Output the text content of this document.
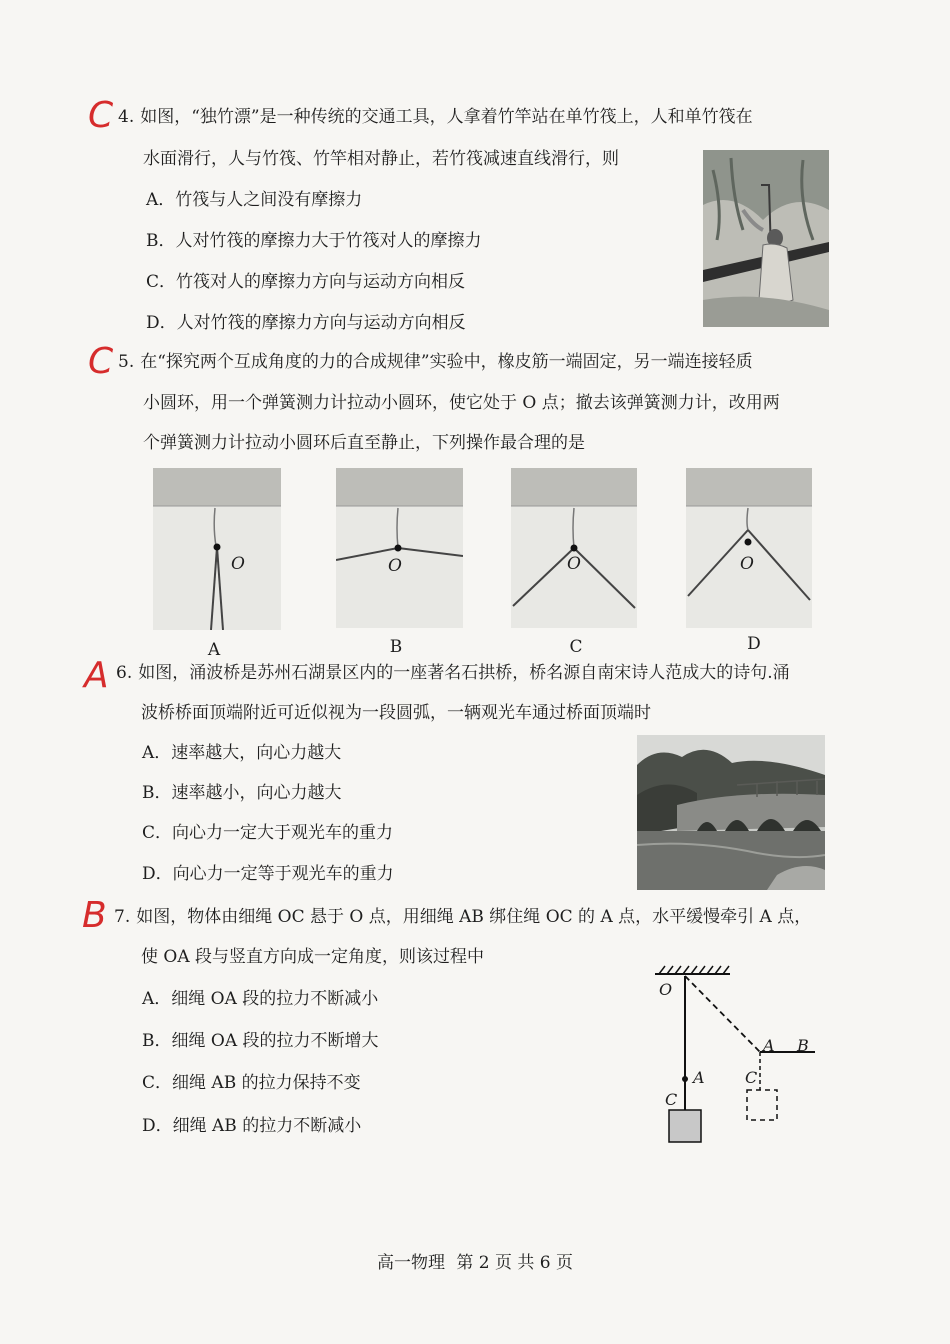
C 4. 如图，“独竹漂”是一种传统的交通工具，人拿着竹竿站在单竹筏上，人和单竹筏在
水面滑行，人与竹筏、竹竿相对静止，若竹筏减速直线滑行，则
A．竹筏与人之间没有摩擦力
B．人对竹筏的摩擦力大于竹筏对人的摩擦力
C．竹筏对人的摩擦力方向与运动方向相反
D．人对竹筏的摩擦力方向与运动方向相反
C 5. 在“探究两个互成角度的力的合成规律”实验中，橡皮筋一端固定，另一端连接轻质
小圆环，用一个弹簧测力计拉动小圆环，使它处于 O 点；撤去该弹簧测力计，改用两
个弹簧测力计拉动小圆环后直至静止，下列操作最合理的是
O
A
O
B
O
C
O
D
A 6. 如图，涌波桥是苏州石湖景区内的一座著名石拱桥，桥名源自南宋诗人范成大的诗句.涌
波桥桥面顶端附近可近似视为一段圆弧，一辆观光车通过桥面顶端时
A．速率越大，向心力越大
B．速率越小，向心力越大
C．向心力一定大于观光车的重力
D．向心力一定等于观光车的重力
B 7. 如图，物体由细绳 OC 悬于 O 点，用细绳 AB 绑住绳 OC 的 A 点，水平缓慢牵引 A 点，
使 OA 段与竖直方向成一定角度，则该过程中
A．细绳 OA 段的拉力不断减小
B．细绳 OA 段的拉力不断增大
C．细绳 AB 的拉力保持不变
D．细绳 AB 的拉力不断减小
O
A
C
A B
C
高一物理 第 2 页 共 6 页
